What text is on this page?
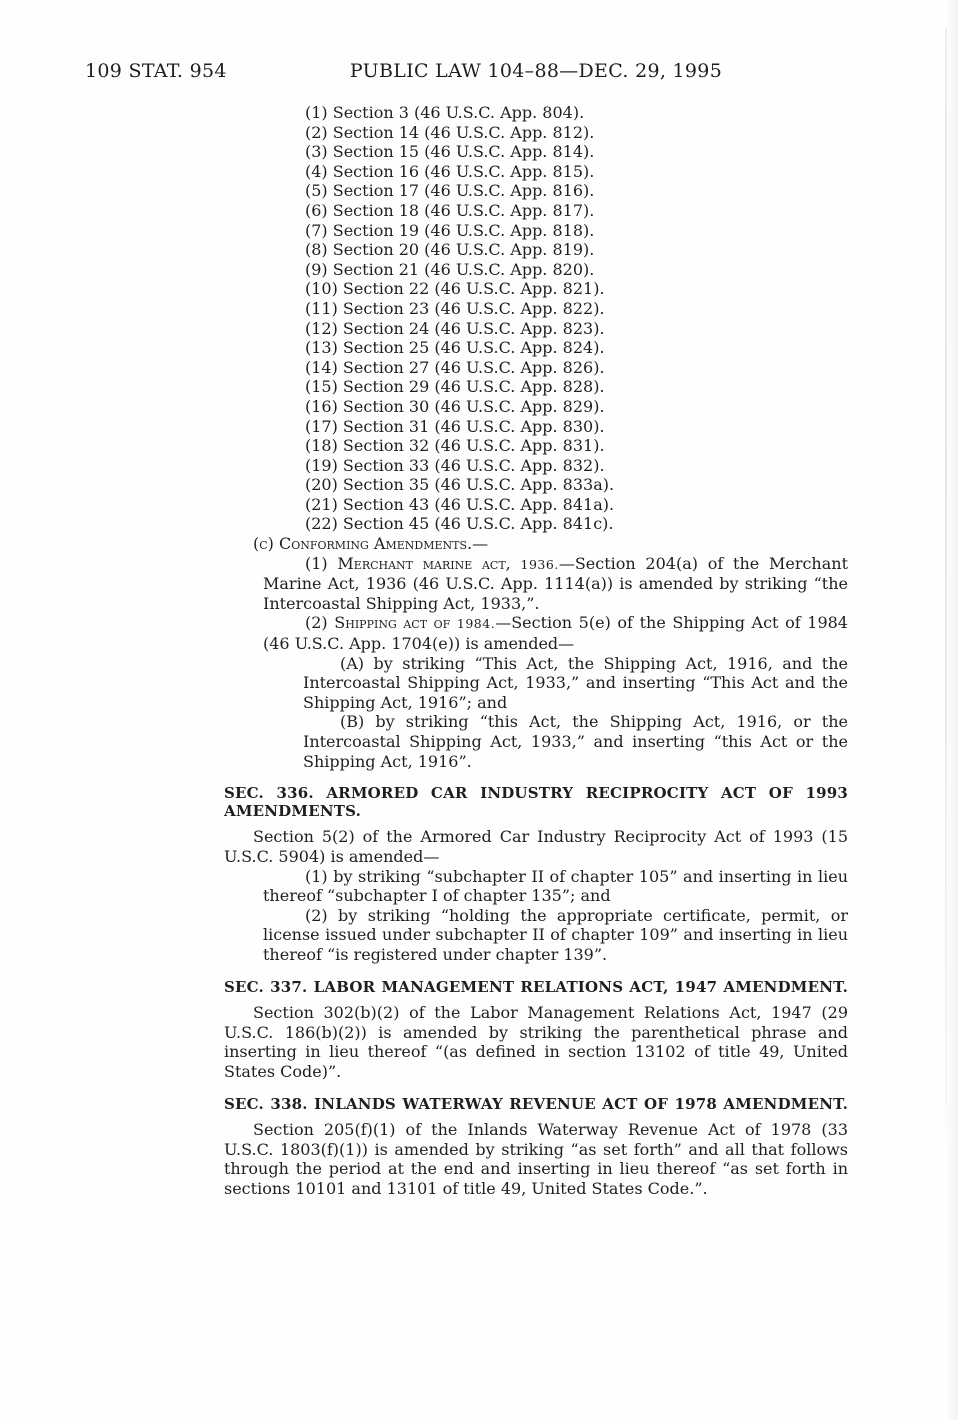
109 STAT. 954	PUBLIC LAW 104–88—DEC. 29, 1995
(1) Section 3 (46 U.S.C. App. 804).
(2) Section 14 (46 U.S.C. App. 812).
(3) Section 15 (46 U.S.C. App. 814).
(4) Section 16 (46 U.S.C. App. 815).
(5) Section 17 (46 U.S.C. App. 816).
(6) Section 18 (46 U.S.C. App. 817).
(7) Section 19 (46 U.S.C. App. 818).
(8) Section 20 (46 U.S.C. App. 819).
(9) Section 21 (46 U.S.C. App. 820).
(10) Section 22 (46 U.S.C. App. 821).
(11) Section 23 (46 U.S.C. App. 822).
(12) Section 24 (46 U.S.C. App. 823).
(13) Section 25 (46 U.S.C. App. 824).
(14) Section 27 (46 U.S.C. App. 826).
(15) Section 29 (46 U.S.C. App. 828).
(16) Section 30 (46 U.S.C. App. 829).
(17) Section 31 (46 U.S.C. App. 830).
(18) Section 32 (46 U.S.C. App. 831).
(19) Section 33 (46 U.S.C. App. 832).
(20) Section 35 (46 U.S.C. App. 833a).
(21) Section 43 (46 U.S.C. App. 841a).
(22) Section 45 (46 U.S.C. App. 841c).

(c) Conforming Amendments.—

(1) Merchant marine act, 1936.—Section 204(a) of the Merchant Marine Act, 1936 (46 U.S.C. App. 1114(a)) is amended by striking “the Intercoastal Shipping Act, 1933,”.

(2) Shipping act of 1984.—Section 5(e) of the Shipping Act of 1984 (46 U.S.C. App. 1704(e)) is amended—

(A) by striking “This Act, the Shipping Act, 1916, and the Intercoastal Shipping Act, 1933,” and inserting “This Act and the Shipping Act, 1916”; and

(B) by striking “this Act, the Shipping Act, 1916, or the Intercoastal Shipping Act, 1933,” and inserting “this Act or the Shipping Act, 1916”.

SEC. 336. ARMORED CAR INDUSTRY RECIPROCITY ACT OF 1993

AMENDMENTS.

Section 5(2) of the Armored Car Industry Reciprocity Act of 1993 (15 U.S.C. 5904) is amended—

(1) by striking “subchapter II of chapter 105” and inserting in lieu thereof “subchapter I of chapter 135”; and

(2) by striking “holding the appropriate certificate, permit, or license issued under subchapter II of chapter 109” and inserting in lieu thereof “is registered under chapter 139”.

SEC. 337. LABOR MANAGEMENT RELATIONS ACT, 1947 AMENDMENT.

Section 302(b)(2) of the Labor Management Relations Act, 1947 (29 U.S.C. 186(b)(2)) is amended by striking the parenthetical phrase and inserting in lieu thereof “(as defined in section 13102 of title 49, United States Code)”.

SEC. 338. INLANDS WATERWAY REVENUE ACT OF 1978 AMENDMENT.

Section 205(f)(1) of the Inlands Waterway Revenue Act of 1978 (33 U.S.C. 1803(f)(1)) is amended by striking “as set forth” and all that follows through the period at the end and inserting in lieu thereof “as set forth in sections 10101 and 13101 of title 49, United States Code.”.
